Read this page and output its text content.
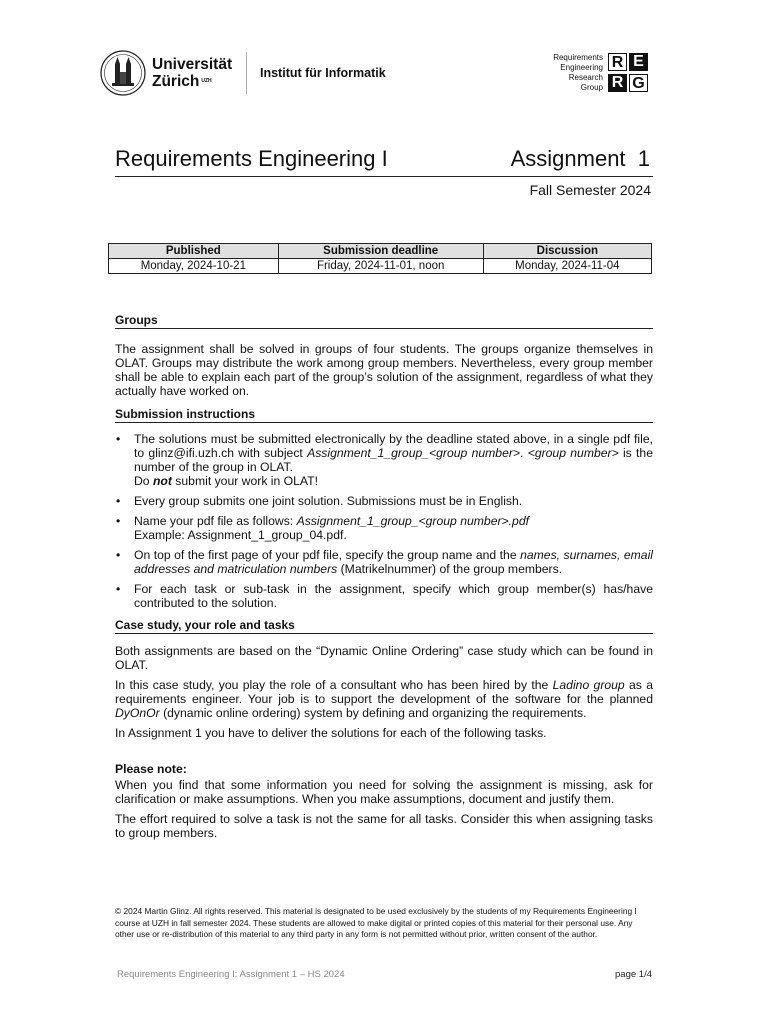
Universität
Zürich $^{UZH}$
Institut für Informatik
Requirements
Engineering
Research
Group
R E
R G
Requirements Engineering I	Assignment  1
Fall Semester 2024
Published	Submission deadline	Discussion
Monday, 2024-10-21	Friday, 2024-11-01, noon	Monday, 2024-11-04
Groups

The assignment shall be solved in groups of four students. The groups organize themselves in OLAT. Groups may distribute the work among group members. Nevertheless, every group member shall be able to explain each part of the group’s solution of the assignment, regardless of what they actually have worked on.

Submission instructions
• The solutions must be submitted electronically by the deadline stated above, in a single pdf file, to glinz@ifi.uzh.ch with subject Assignment_1_group_<group number>. <group number> is the number of the group in OLAT.
Do not submit your work in OLAT!
• Every group submits one joint solution. Submissions must be in English.
• Name your pdf file as follows: Assignment_1_group_<group number>.pdf
Example: Assignment_1_group_04.pdf.
• On top of the first page of your pdf file, specify the group name and the names, surnames, email addresses and matriculation numbers (Matrikelnummer) of the group members.
• For each task or sub-task in the assignment, specify which group member(s) has/have contributed to the solution.
Case study, your role and tasks

Both assignments are based on the “Dynamic Online Ordering” case study which can be found in OLAT.

In this case study, you play the role of a consultant who has been hired by the Ladino group as a requirements engineer. Your job is to support the development of the software for the planned DyOnOr (dynamic online ordering) system by defining and organizing the requirements.

In Assignment 1 you have to deliver the solutions for each of the following tasks.

Please note:

When you find that some information you need for solving the assignment is missing, ask for clarification or make assumptions. When you make assumptions, document and justify them.

The effort required to solve a task is not the same for all tasks. Consider this when assigning tasks to group members.

© 2024 Martin Glinz. All rights reserved. This material is designated to be used exclusively by the students of my Requirements Engineering I course at UZH in fall semester 2024. These students are allowed to make digital or printed copies of this material for their personal use. Any other use or re-distribution of this material to any third party in any form is not permitted without prior, written consent of the author.
Requirements Engineering I: Assignment 1 – HS 2024	page 1/4
